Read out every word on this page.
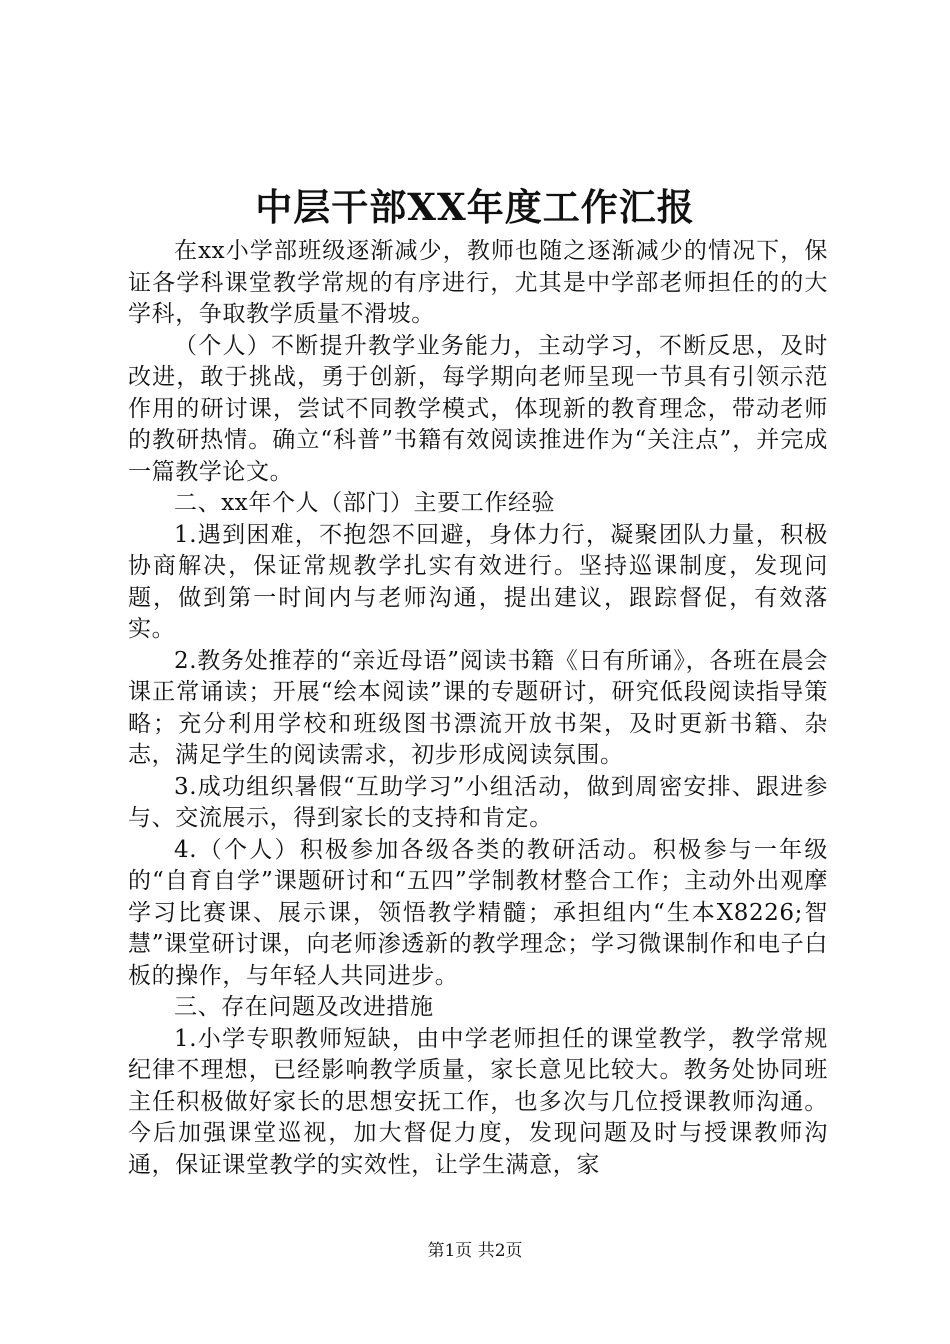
中层干部XX年度工作汇报

在xx小学部班级逐渐减少，教师也随之逐渐减少的情况下，保证各学科课堂教学常规的有序进行，尤其是中学部老师担任的的大学科，争取教学质量不滑坡。

（个人）不断提升教学业务能力，主动学习，不断反思，及时改进，敢于挑战，勇于创新，每学期向老师呈现一节具有引领示范作用的研讨课，尝试不同教学模式，体现新的教育理念，带动老师的教研热情。确立“科普”书籍有效阅读推进作为“关注点”，并完成一篇教学论文。

二、xx年个人（部门）主要工作经验

1.遇到困难，不抱怨不回避，身体力行，凝聚团队力量，积极协商解决，保证常规教学扎实有效进行。坚持巡课制度，发现问题，做到第一时间内与老师沟通，提出建议，跟踪督促，有效落实。

2.教务处推荐的“亲近母语”阅读书籍《日有所诵》，各班在晨会课正常诵读；开展“绘本阅读”课的专题研讨，研究低段阅读指导策略；充分利用学校和班级图书漂流开放书架，及时更新书籍、杂志，满足学生的阅读需求，初步形成阅读氛围。

3.成功组织暑假“互助学习”小组活动，做到周密安排、跟进参与、交流展示，得到家长的支持和肯定。

4.（个人）积极参加各级各类的教研活动。积极参与一年级的“自育自学”课题研讨和“五四”学制教材整合工作；主动外出观摩学习比赛课、展示课，领悟教学精髓；承担组内“生本X8226;智慧”课堂研讨课，向老师渗透新的教学理念；学习微课制作和电子白板的操作，与年轻人共同进步。

三、存在问题及改进措施

1.小学专职教师短缺，由中学老师担任的课堂教学，教学常规纪律不理想，已经影响教学质量，家长意见比较大。教务处协同班主任积极做好家长的思想安抚工作，也多次与几位授课教师沟通。今后加强课堂巡视，加大督促力度，发现问题及时与授课教师沟通，保证课堂教学的实效性，让学生满意，家

第1页 共2页
